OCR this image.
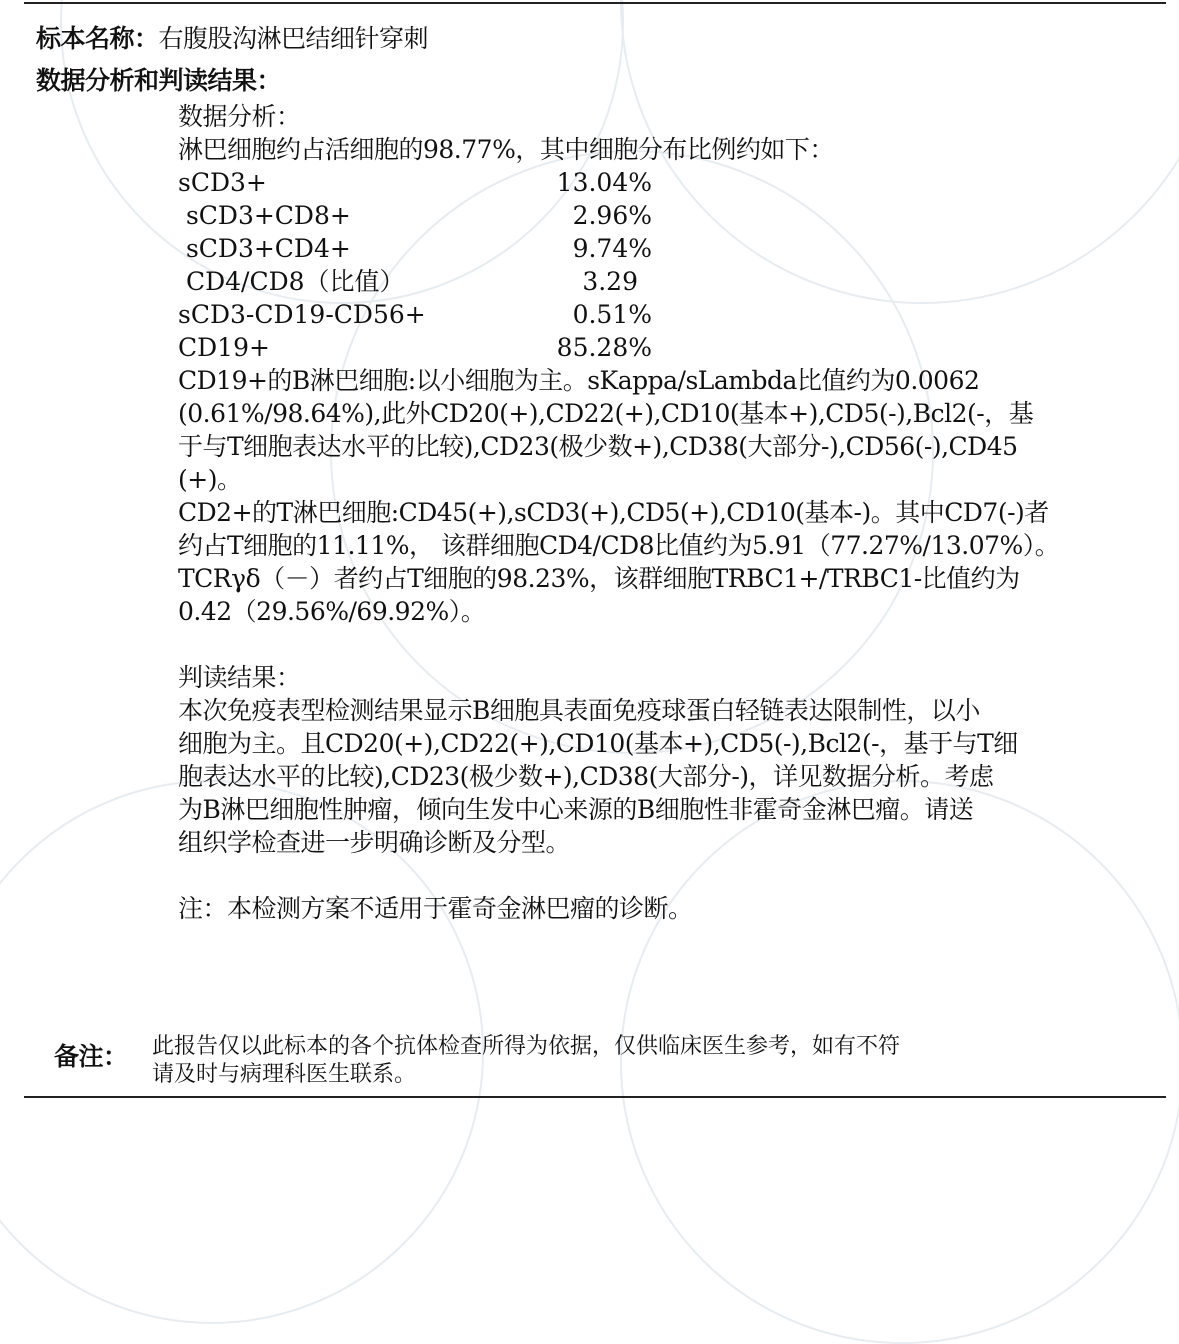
标本名称：右腹股沟淋巴结细针穿刺
数据分析和判读结果：
数据分析：
淋巴细胞约占活细胞的98.77%，其中细胞分布比例约如下：
sCD3+	13.04%
sCD3+CD8+	2.96%
sCD3+CD4+	9.74%
CD4/CD8（比值）	3.29
sCD3-CD19-CD56+	0.51%
CD19+	85.28%
CD19+的B淋巴细胞:以小细胞为主。sKappa/sLambda比值约为0.0062
(0.61%/98.64%),此外CD20(+),CD22(+),CD10(基本+),CD5(-),Bcl2(-，基
于与T细胞表达水平的比较),CD23(极少数+),CD38(大部分-),CD56(-),CD45
(+)。
CD2+的T淋巴细胞:CD45(+),sCD3(+),CD5(+),CD10(基本-)。其中CD7(-)者
约占T细胞的11.11%， 该群细胞CD4/CD8比值约为5.91（77.27%/13.07%）。
TCRγδ（－）者约占T细胞的98.23%，该群细胞TRBC1+/TRBC1-比值约为
0.42（29.56%/69.92%）。
判读结果：
本次免疫表型检测结果显示B细胞具表面免疫球蛋白轻链表达限制性，以小
细胞为主。且CD20(+),CD22(+),CD10(基本+),CD5(-),Bcl2(-，基于与T细
胞表达水平的比较),CD23(极少数+),CD38(大部分-)，详见数据分析。考虑
为B淋巴细胞性肿瘤，倾向生发中心来源的B细胞性非霍奇金淋巴瘤。请送
组织学检查进一步明确诊断及分型。
注：本检测方案不适用于霍奇金淋巴瘤的诊断。
备注： 此报告仅以此标本的各个抗体检查所得为依据，仅供临床医生参考，如有不符
请及时与病理科医生联系。
